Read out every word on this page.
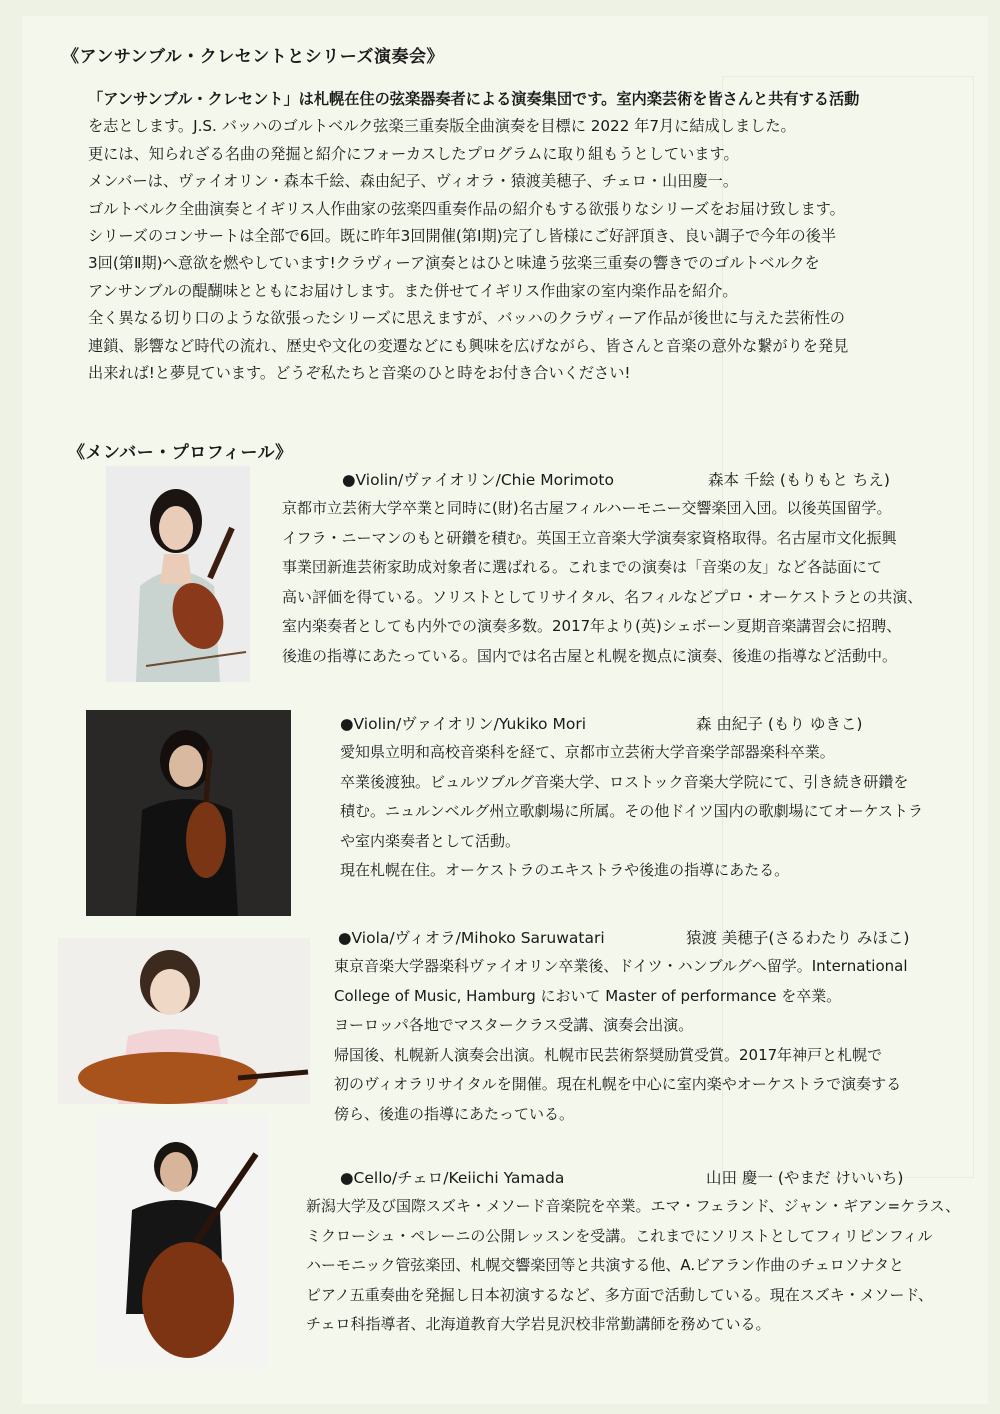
《アンサンブル・クレセントとシリーズ演奏会》

「アンサンブル・クレセント」は札幌在住の弦楽器奏者による演奏集団です。室内楽芸術を皆さんと共有する活動

を志とします。J.S. バッハのゴルトベルク弦楽三重奏版全曲演奏を目標に 2022 年7月に結成しました。

更には、知られざる名曲の発掘と紹介にフォーカスしたプログラムに取り組もうとしています。

メンバーは、ヴァイオリン・森本千絵、森由紀子、ヴィオラ・猿渡美穂子、チェロ・山田慶一。

ゴルトベルク全曲演奏とイギリス人作曲家の弦楽四重奏作品の紹介もする欲張りなシリーズをお届け致します。

シリーズのコンサートは全部で6回。既に昨年3回開催(第Ⅰ期)完了し皆様にご好評頂き、良い調子で今年の後半

3回(第Ⅱ期)へ意欲を燃やしています!クラヴィーア演奏とはひと味違う弦楽三重奏の響きでのゴルトベルクを

アンサンブルの醍醐味とともにお届けします。また併せてイギリス作曲家の室内楽作品を紹介。

全く異なる切り口のような欲張ったシリーズに思えますが、バッハのクラヴィーア作品が後世に与えた芸術性の

連鎖、影響など時代の流れ、歴史や文化の変遷などにも興味を広げながら、皆さんと音楽の意外な繋がりを発見

出来れば!と夢見ています。どうぞ私たちと音楽のひと時をお付き合いください!

《メンバー・プロフィール》
●Violin/ヴァイオリン/Chie Morimoto	森本 千絵 (もりもと ちえ)

京都市立芸術大学卒業と同時に(財)名古屋フィルハーモニー交響楽団入団。以後英国留学。

イフラ・ニーマンのもと研鑽を積む。英国王立音楽大学演奏家資格取得。名古屋市文化振興

事業団新進芸術家助成対象者に選ばれる。これまでの演奏は「音楽の友」など各誌面にて

高い評価を得ている。ソリストとしてリサイタル、名フィルなどプロ・オーケストラとの共演、

室内楽奏者としても内外での演奏多数。2017年より(英)シェボーン夏期音楽講習会に招聘、

後進の指導にあたっている。国内では名古屋と札幌を拠点に演奏、後進の指導など活動中。

●Violin/ヴァイオリン/Yukiko Mori	森 由紀子 (もり ゆきこ)

愛知県立明和高校音楽科を経て、京都市立芸術大学音楽学部器楽科卒業。

卒業後渡独。ビュルツブルグ音楽大学、ロストック音楽大学院にて、引き続き研鑽を

積む。ニュルンベルグ州立歌劇場に所属。その他ドイツ国内の歌劇場にてオーケストラ

や室内楽奏者として活動。

現在札幌在住。オーケストラのエキストラや後進の指導にあたる。

●Viola/ヴィオラ/Mihoko Saruwatari	猿渡 美穂子(さるわたり みほこ)

東京音楽大学器楽科ヴァイオリン卒業後、ドイツ・ハンブルグへ留学。International

College of Music, Hamburg において Master of performance を卒業。

ヨーロッパ各地でマスタークラス受講、演奏会出演。

帰国後、札幌新人演奏会出演。札幌市民芸術祭奨励賞受賞。2017年神戸と札幌で

初のヴィオラリサイタルを開催。現在札幌を中心に室内楽やオーケストラで演奏する

傍ら、後進の指導にあたっている。

●Cello/チェロ/Keiichi Yamada	山田 慶一 (やまだ けいいち)

新潟大学及び国際スズキ・メソード音楽院を卒業。エマ・フェランド、ジャン・ギアン=ケラス、

ミクローシュ・ペレーニの公開レッスンを受講。これまでにソリストとしてフィリピンフィル

ハーモニック管弦楽団、札幌交響楽団等と共演する他、A.ビアラン作曲のチェロソナタと

ピアノ五重奏曲を発掘し日本初演するなど、多方面で活動している。現在スズキ・メソード、

チェロ科指導者、北海道教育大学岩見沢校非常勤講師を務めている。
